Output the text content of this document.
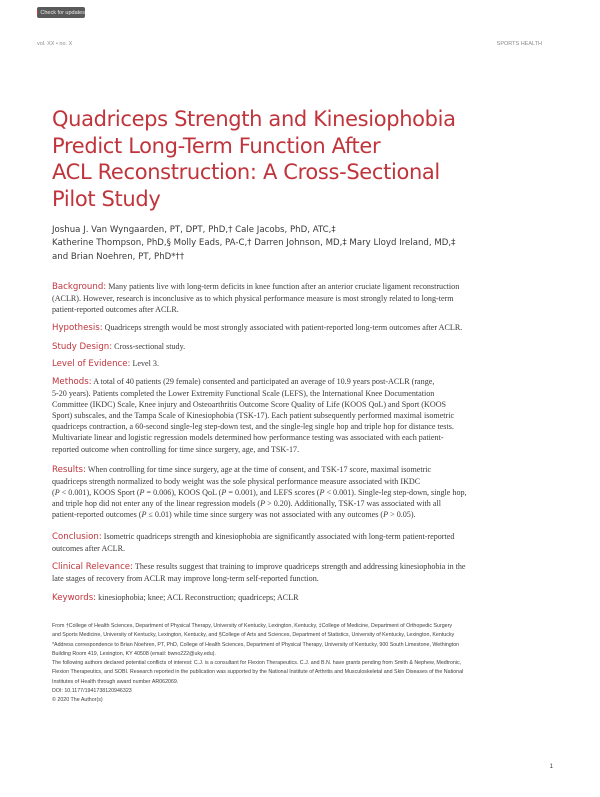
Check for updates
vol. XX • no. X	SPORTS HEALTH
Quadriceps Strength and Kinesiophobia
Predict Long-Term Function After
ACL Reconstruction: A Cross-Sectional
Pilot Study
Joshua J. Van Wyngaarden, PT, DPT, PhD,† Cale Jacobs, PhD, ATC,‡
Katherine Thompson, PhD,§ Molly Eads, PA-C,† Darren Johnson, MD,‡ Mary Lloyd Ireland, MD,‡
and Brian Noehren, PT, PhD*††
Background: Many patients live with long-term deficits in knee function after an anterior cruciate ligament reconstruction
(ACLR). However, research is inconclusive as to which physical performance measure is most strongly related to long-term
patient-reported outcomes after ACLR.
Hypothesis: Quadriceps strength would be most strongly associated with patient-reported long-term outcomes after ACLR.
Study Design: Cross-sectional study.
Level of Evidence: Level 3.
Methods: A total of 40 patients (29 female) consented and participated an average of 10.9 years post-ACLR (range,
5-20 years). Patients completed the Lower Extremity Functional Scale (LEFS), the International Knee Documentation
Committee (IKDC) Scale, Knee injury and Osteoarthritis Outcome Score Quality of Life (KOOS QoL) and Sport (KOOS
Sport) subscales, and the Tampa Scale of Kinesiophobia (TSK-17). Each patient subsequently performed maximal isometric
quadriceps contraction, a 60-second single-leg step-down test, and the single-leg single hop and triple hop for distance tests.
Multivariate linear and logistic regression models determined how performance testing was associated with each patient-
reported outcome when controlling for time since surgery, age, and TSK-17.
Results: When controlling for time since surgery, age at the time of consent, and TSK-17 score, maximal isometric
quadriceps strength normalized to body weight was the sole physical performance measure associated with IKDC
(P < 0.001), KOOS Sport (P = 0.006), KOOS QoL (P = 0.001), and LEFS scores (P < 0.001). Single-leg step-down, single hop,
and triple hop did not enter any of the linear regression models (P > 0.20). Additionally, TSK-17 was associated with all
patient-reported outcomes (P ≤ 0.01) while time since surgery was not associated with any outcomes (P > 0.05).
Conclusion: Isometric quadriceps strength and kinesiophobia are significantly associated with long-term patient-reported
outcomes after ACLR.
Clinical Relevance: These results suggest that training to improve quadriceps strength and addressing kinesiophobia in the
late stages of recovery from ACLR may improve long-term self-reported function.
Keywords: kinesiophobia; knee; ACL Reconstruction; quadriceps; ACLR
From †College of Health Sciences, Department of Physical Therapy, University of Kentucky, Lexington, Kentucky, ‡College of Medicine, Department of Orthopedic Surgery
and Sports Medicine, University of Kentucky, Lexington, Kentucky, and §College of Arts and Sciences, Department of Statistics, University of Kentucky, Lexington, Kentucky
*Address correspondence to Brian Noehren, PT, PhD, College of Health Sciences, Department of Physical Therapy, University of Kentucky, 900 South Limestone, Wethington
Building Room 419, Lexington, KY 40508 (email: bwno222@uky.edu).
The following authors declared potential conflicts of interest: C.J. is a consultant for Flexion Therapeutics. C.J. and B.N. have grants pending from Smith & Nephew, Medtronic,
Flexion Therapeutics, and SOBI. Research reported in the publication was supported by the National Institute of Arthritis and Musculoskeletal and Skin Diseases of the National
Institutes of Health through award number AR062069.
DOI: 10.1177/1941738120946323
© 2020 The Author(s)
1
